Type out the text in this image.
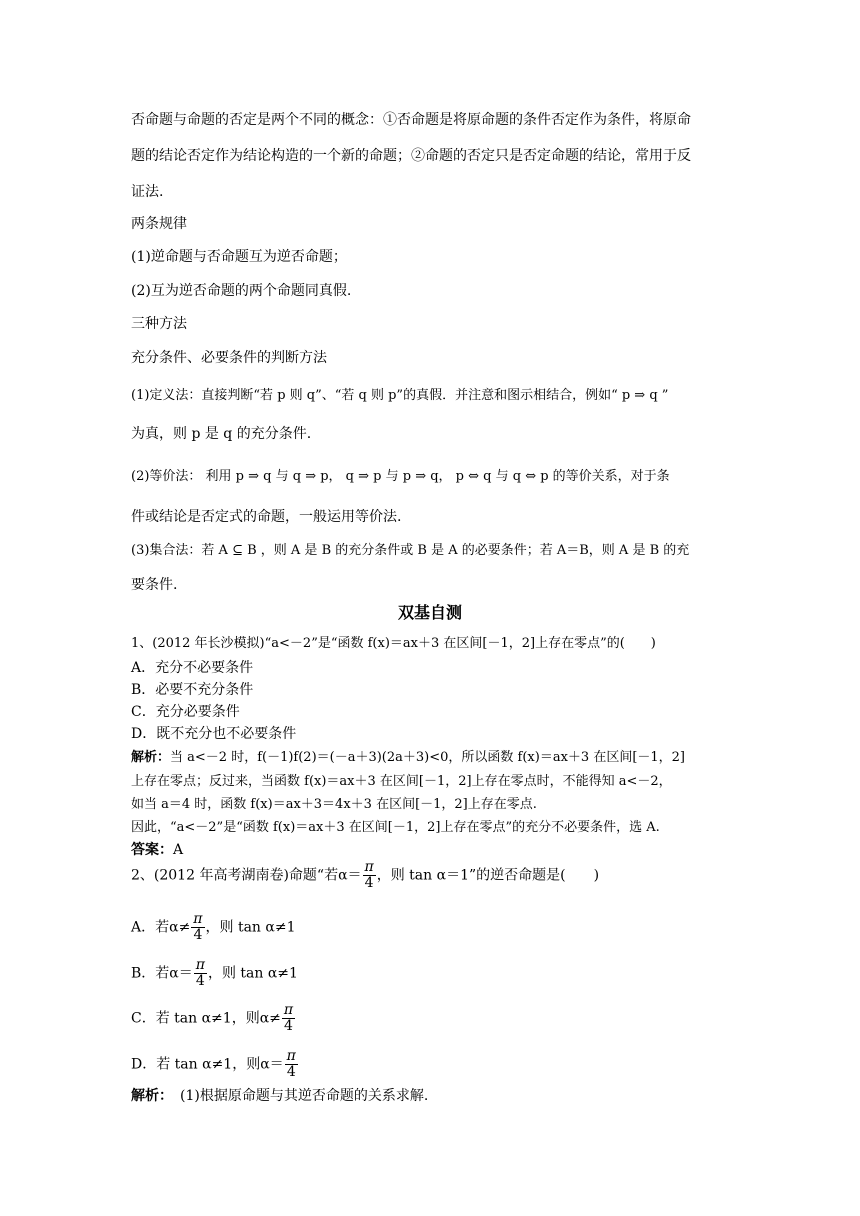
否命题与命题的否定是两个不同的概念：①否命题是将原命题的条件否定作为条件，将原命
题的结论否定作为结论构造的一个新的命题；②命题的否定只是否定命题的结论，常用于反
证法.
两条规律
(1)逆命题与否命题互为逆否命题；
(2)互为逆否命题的两个命题同真假.
三种方法
充分条件、必要条件的判断方法
(1)定义法：直接判断“若 p 则 q”、“若 q 则 p”的真假．并注意和图示相结合，例如“ p ⇒ q ”
为真，则 p 是 q 的充分条件.
(2)等价法： 利用 p ⇒ q 与 q ⇒ p， q ⇒ p 与 p ⇒ q， p ⇔ q 与 q ⇔ p 的等价关系，对于条
件或结论是否定式的命题，一般运用等价法.
(3)集合法：若 A ⊆ B ，则 A 是 B 的充分条件或 B 是 A 的必要条件；若 A＝B，则 A 是 B 的充
要条件.
双基自测
1、(2012 年长沙模拟)“a<－2”是“函数 f(x)＝ax＋3 在区间[－1，2]上存在零点”的(　　)
A．充分不必要条件
B．必要不充分条件
C．充分必要条件
D．既不充分也不必要条件
解析：当 a<－2 时，f(－1)f(2)＝(－a＋3)(2a＋3)<0，所以函数 f(x)＝ax＋3 在区间[－1，2]
上存在零点；反过来，当函数 f(x)＝ax＋3 在区间[－1，2]上存在零点时，不能得知 a<－2，
如当 a＝4 时，函数 f(x)＝ax＋3＝4x＋3 在区间[－1，2]上存在零点.
因此，“a<－2”是“函数 f(x)＝ax＋3 在区间[－1，2]上存在零点”的充分不必要条件，选 A.
答案：A
2、(2012 年高考湖南卷)命题“若$\alpha= \frac{\pi}{4}$ ，则 tan α＝1”的逆否命题是(　　)
A．若$\alpha\ne \frac{\pi}{4}$ ，则 tan α≠1
B．若$\alpha= \frac{\pi}{4}$ ，则 tan α≠1
C．若 tan α≠1，则$\alpha\ne \frac{\pi}{4}$
D．若 tan α≠1，则$\alpha= \frac{\pi}{4}$
解析：　(1)根据原命题与其逆否命题的关系求解.
